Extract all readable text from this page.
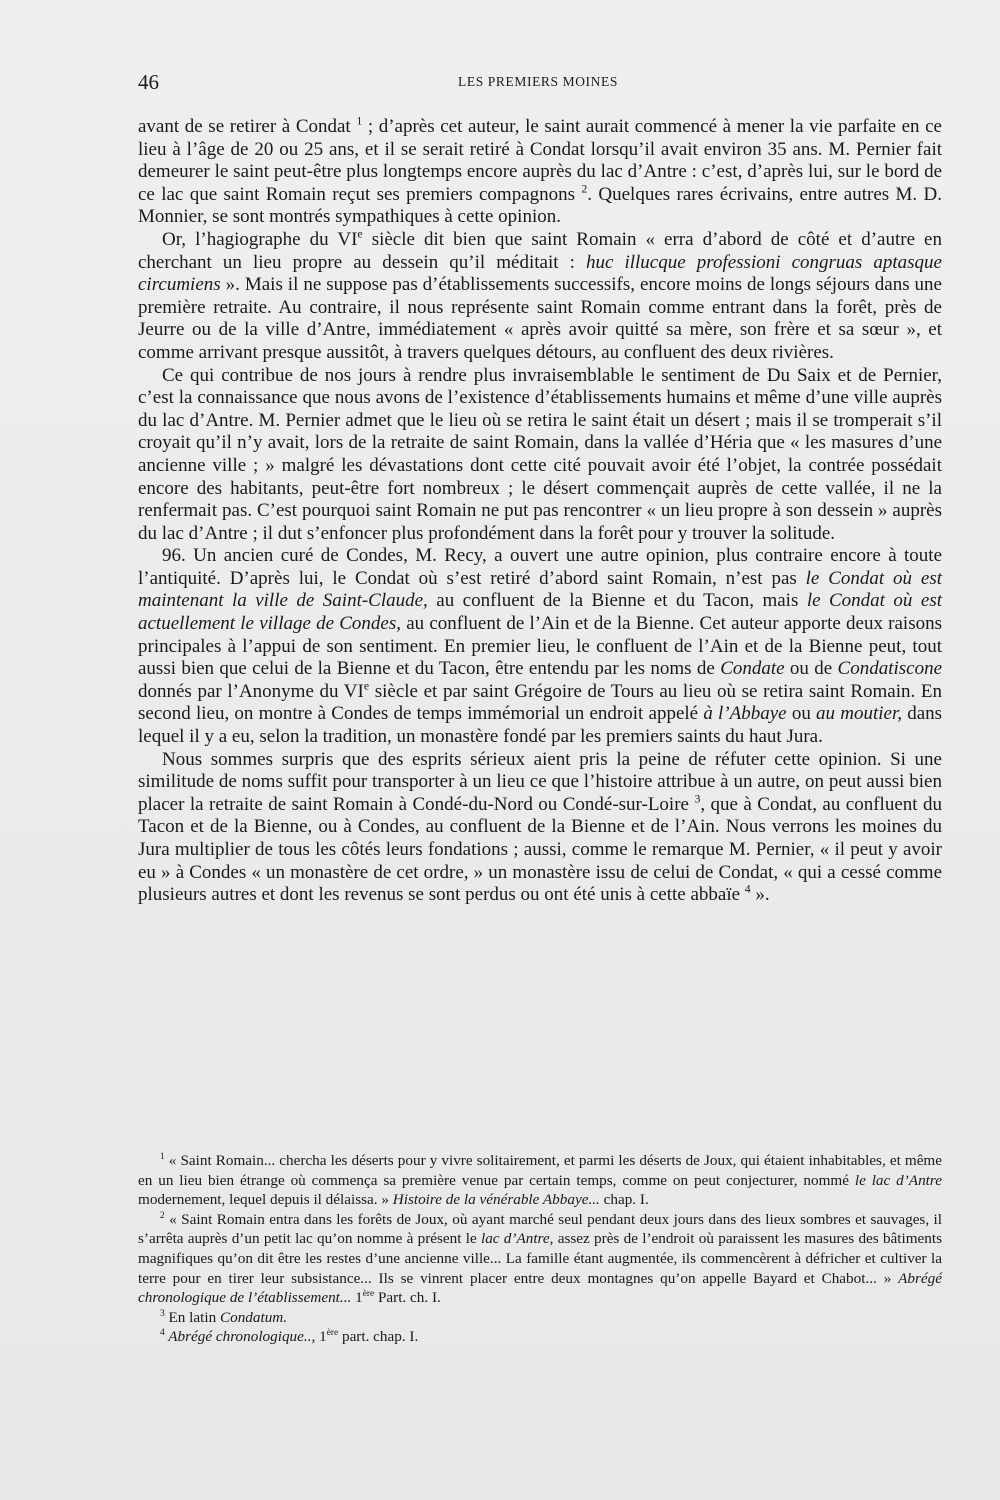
46	LES PREMIERS MOINES

avant de se retirer à Condat $^1$ ; d’après cet auteur, le saint aurait commencé à mener la vie parfaite en ce lieu à l’âge de 20 ou 25 ans, et il se serait retiré à Condat lorsqu’il avait environ 35 ans. M. Pernier fait demeurer le saint peut-être plus longtemps encore auprès du lac d’Antre : c’est, d’après lui, sur le bord de ce lac que saint Romain reçut ses premiers compagnons $^2$. Quelques rares écrivains, entre autres M. D. Monnier, se sont montrés sympathiques à cette opinion.

Or, l’hagiographe du VIe siècle dit bien que saint Romain « erra d’abord de côté et d’autre en cherchant un lieu propre au dessein qu’il méditait : huc illucque professioni congruas aptasque circumiens ». Mais il ne suppose pas d’établissements successifs, encore moins de longs séjours dans une première retraite. Au contraire, il nous représente saint Romain comme entrant dans la forêt, près de Jeurre ou de la ville d’Antre, immédiatement « après avoir quitté sa mère, son frère et sa sœur », et comme arrivant presque aussitôt, à travers quelques détours, au confluent des deux rivières.

Ce qui contribue de nos jours à rendre plus invraisemblable le sentiment de Du Saix et de Pernier, c’est la connaissance que nous avons de l’existence d’établissements humains et même d’une ville auprès du lac d’Antre. M. Pernier admet que le lieu où se retira le saint était un désert ; mais il se tromperait s’il croyait qu’il n’y avait, lors de la retraite de saint Romain, dans la vallée d’Héria que « les masures d’une ancienne ville ; » malgré les dévastations dont cette cité pouvait avoir été l’objet, la contrée possédait encore des habitants, peut-être fort nombreux ; le désert commençait auprès de cette vallée, il ne la renfermait pas. C’est pourquoi saint Romain ne put pas rencontrer « un lieu propre à son dessein » auprès du lac d’Antre ; il dut s’enfoncer plus profondément dans la forêt pour y trouver la solitude.

96. Un ancien curé de Condes, M. Recy, a ouvert une autre opinion, plus contraire encore à toute l’antiquité. D’après lui, le Condat où s’est retiré d’abord saint Romain, n’est pas le Condat où est maintenant la ville de Saint-Claude, au confluent de la Bienne et du Tacon, mais le Condat où est actuellement le village de Condes, au confluent de l’Ain et de la Bienne. Cet auteur apporte deux raisons principales à l’appui de son sentiment. En premier lieu, le confluent de l’Ain et de la Bienne peut, tout aussi bien que celui de la Bienne et du Tacon, être entendu par les noms de Condate ou de Condatiscone donnés par l’Anonyme du VIe siècle et par saint Grégoire de Tours au lieu où se retira saint Romain. En second lieu, on montre à Condes de temps immémorial un endroit appelé à l’Abbaye ou au moutier, dans lequel il y a eu, selon la tradition, un monastère fondé par les premiers saints du haut Jura.

Nous sommes surpris que des esprits sérieux aient pris la peine de réfuter cette opinion. Si une similitude de noms suffit pour transporter à un lieu ce que l’histoire attribue à un autre, on peut aussi bien placer la retraite de saint Romain à Condé-du-Nord ou Condé-sur-Loire $^3$, que à Condat, au confluent du Tacon et de la Bienne, ou à Condes, au confluent de la Bienne et de l’Ain. Nous verrons les moines du Jura multiplier de tous les côtés leurs fondations ; aussi, comme le remarque M. Pernier, « il peut y avoir eu » à Condes « un monastère de cet ordre, » un monastère issu de celui de Condat, « qui a cessé comme plusieurs autres et dont les revenus se sont perdus ou ont été unis à cette abbaïe $^4$ ».

$^1$ « Saint Romain... chercha les déserts pour y vivre solitairement, et parmi les déserts de Joux, qui étaient inhabitables, et même en un lieu bien étrange où commença sa première venue par certain temps, comme on peut conjecturer, nommé le lac d’Antre modernement, lequel depuis il délaissa. » Histoire de la vénérable Abbaye... chap. I.

$^2$ « Saint Romain entra dans les forêts de Joux, où ayant marché seul pendant deux jours dans des lieux sombres et sauvages, il s’arrêta auprès d’un petit lac qu’on nomme à présent le lac d’Antre, assez près de l’endroit où paraissent les masures des bâtiments magnifiques qu’on dit être les restes d’une ancienne ville... La famille étant augmentée, ils commencèrent à défricher et cultiver la terre pour en tirer leur subsistance... Ils se vinrent placer entre deux montagnes qu’on appelle Bayard et Chabot... » Abrégé chronologique de l’établissement... 1ère Part. ch. I.

$^3$ En latin Condatum.

$^4$ Abrégé chronologique.., 1ère part. chap. I.
